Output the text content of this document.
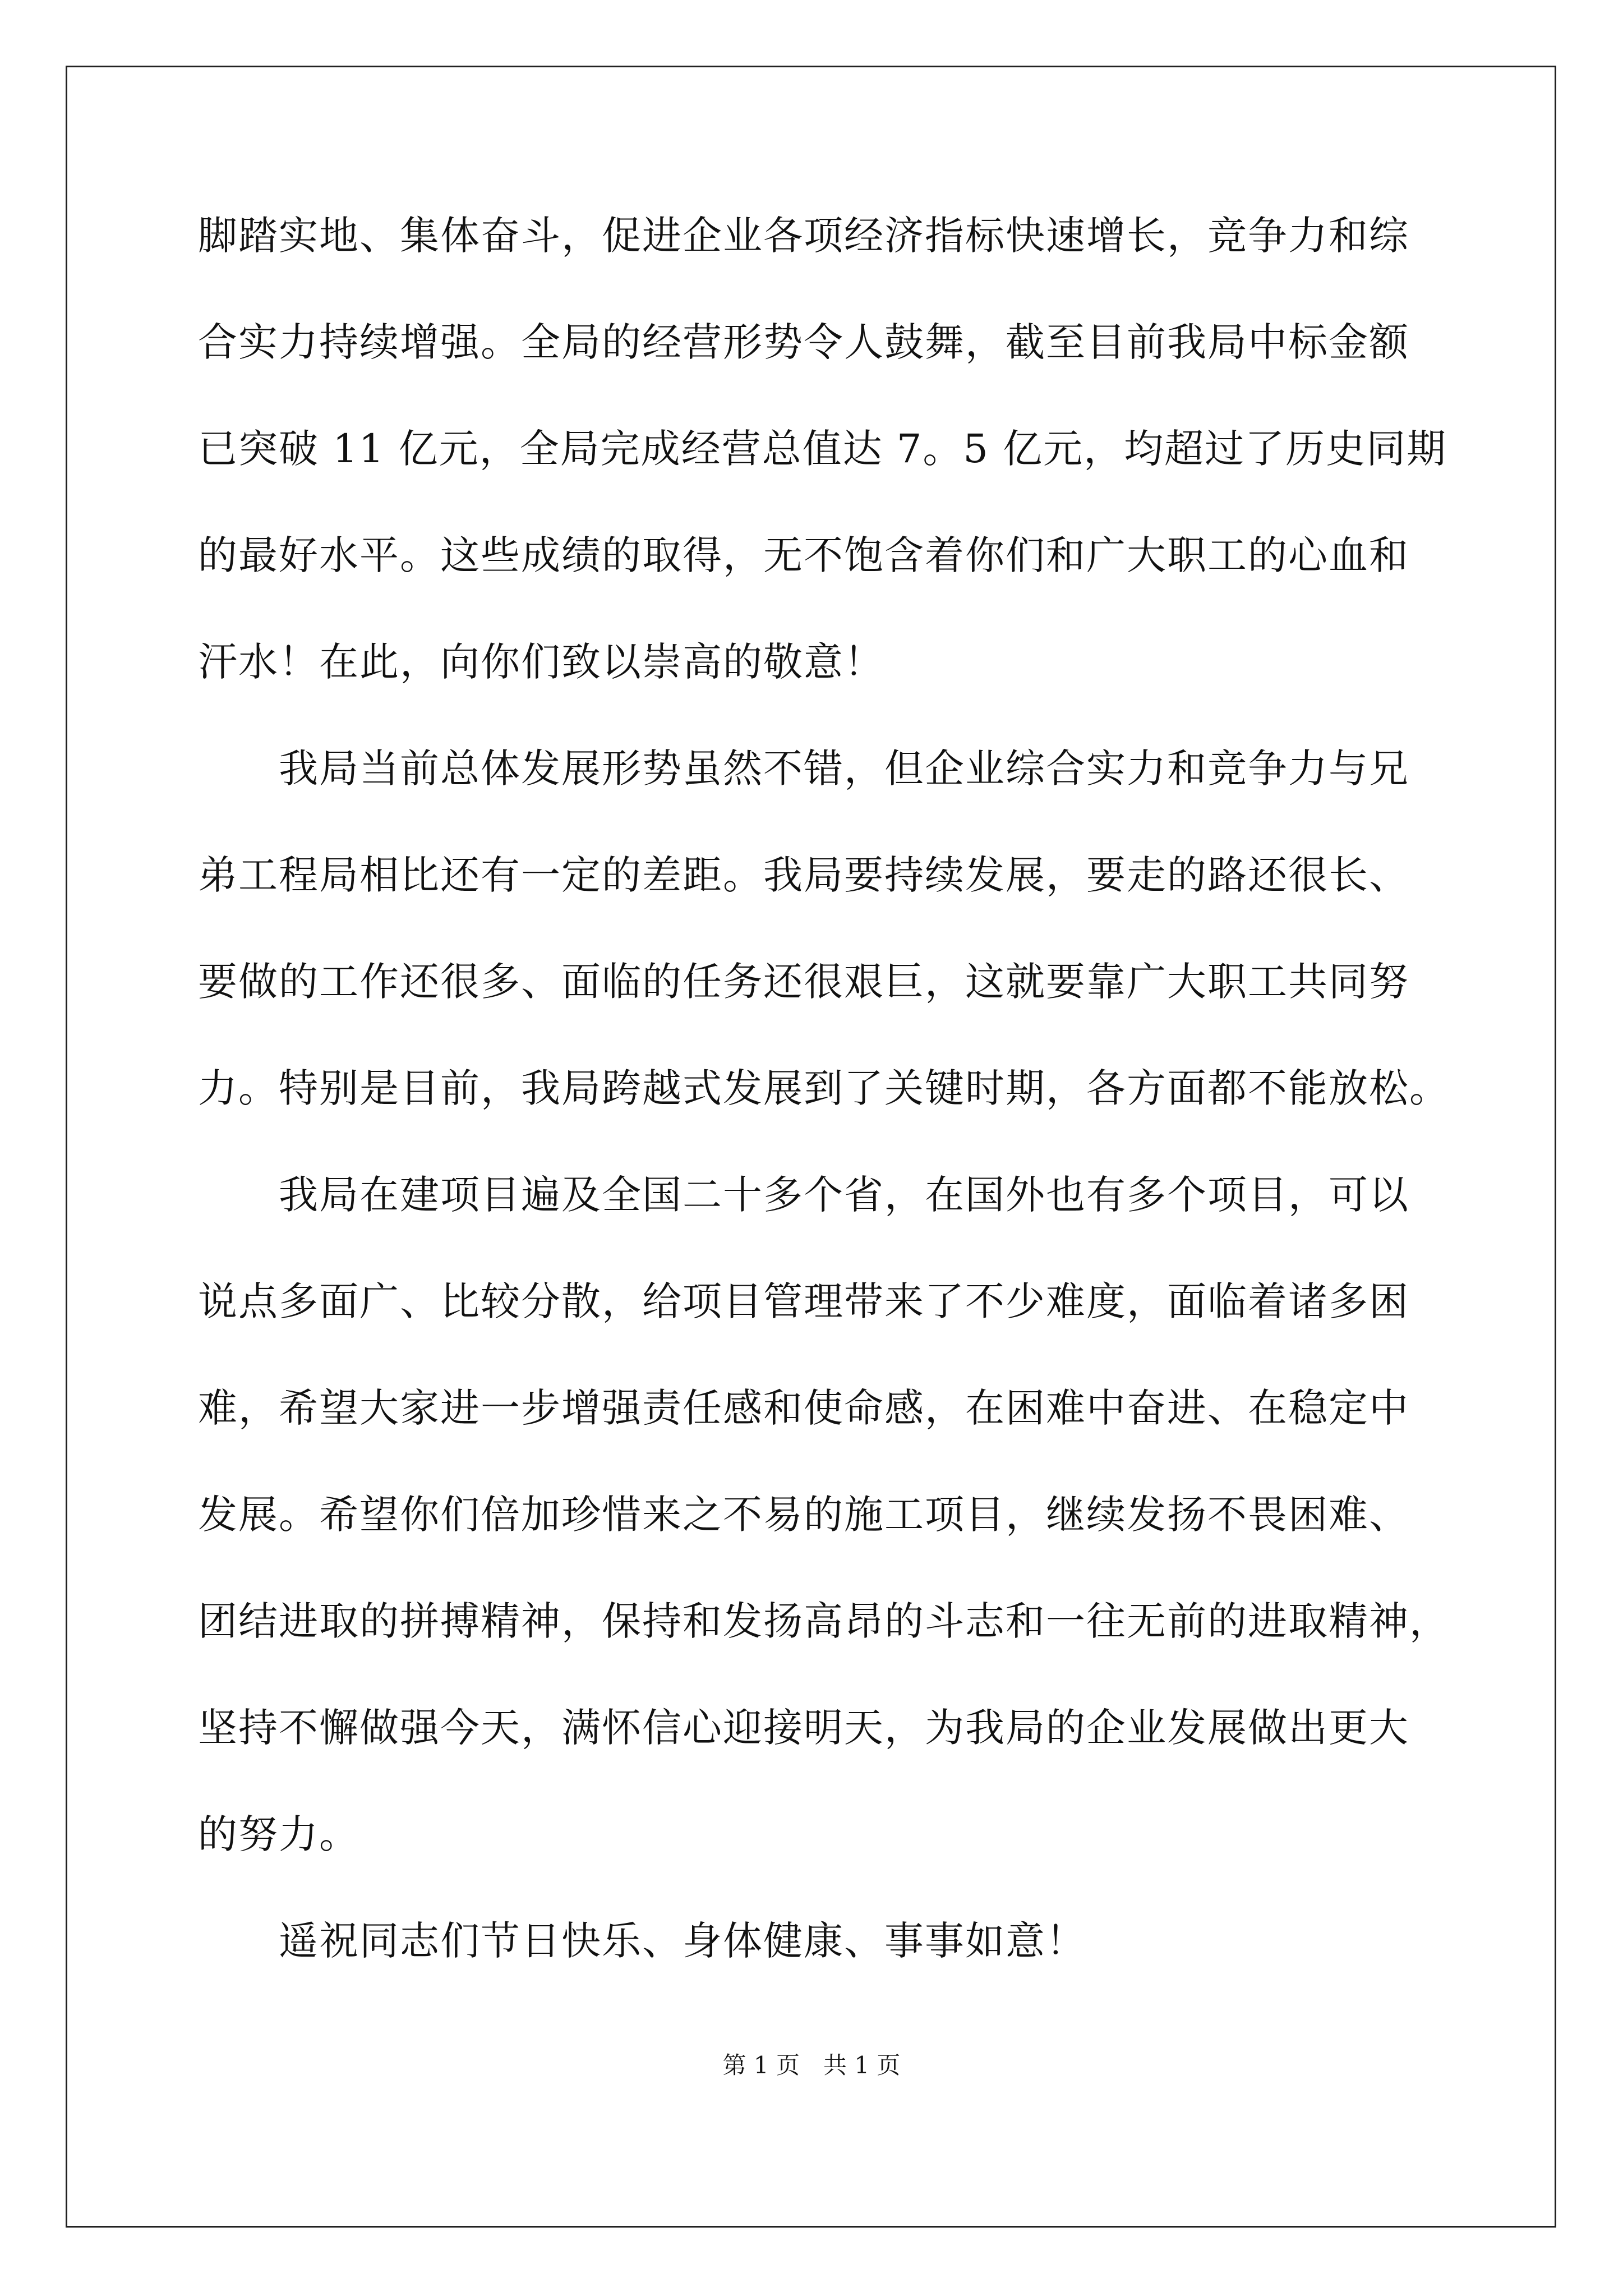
脚踏实地、集体奋斗，促进企业各项经济指标快速增长，竞争力和综
合实力持续增强。全局的经营形势令人鼓舞，截至目前我局中标金额
已突破 11 亿元，全局完成经营总值达 7。5 亿元，均超过了历史同期
的最好水平。这些成绩的取得，无不饱含着你们和广大职工的心血和
汗水！在此，向你们致以崇高的敬意！
　　我局当前总体发展形势虽然不错，但企业综合实力和竞争力与兄
弟工程局相比还有一定的差距。我局要持续发展，要走的路还很长、
要做的工作还很多、面临的任务还很艰巨，这就要靠广大职工共同努
力。特别是目前，我局跨越式发展到了关键时期，各方面都不能放松。
　　我局在建项目遍及全国二十多个省，在国外也有多个项目，可以
说点多面广、比较分散，给项目管理带来了不少难度，面临着诸多困
难，希望大家进一步增强责任感和使命感，在困难中奋进、在稳定中
发展。希望你们倍加珍惜来之不易的施工项目，继续发扬不畏困难、
团结进取的拼搏精神，保持和发扬高昂的斗志和一往无前的进取精神，
坚持不懈做强今天，满怀信心迎接明天，为我局的企业发展做出更大
的努力。
　　遥祝同志们节日快乐、身体健康、事事如意！
第 1 页　共 1 页
